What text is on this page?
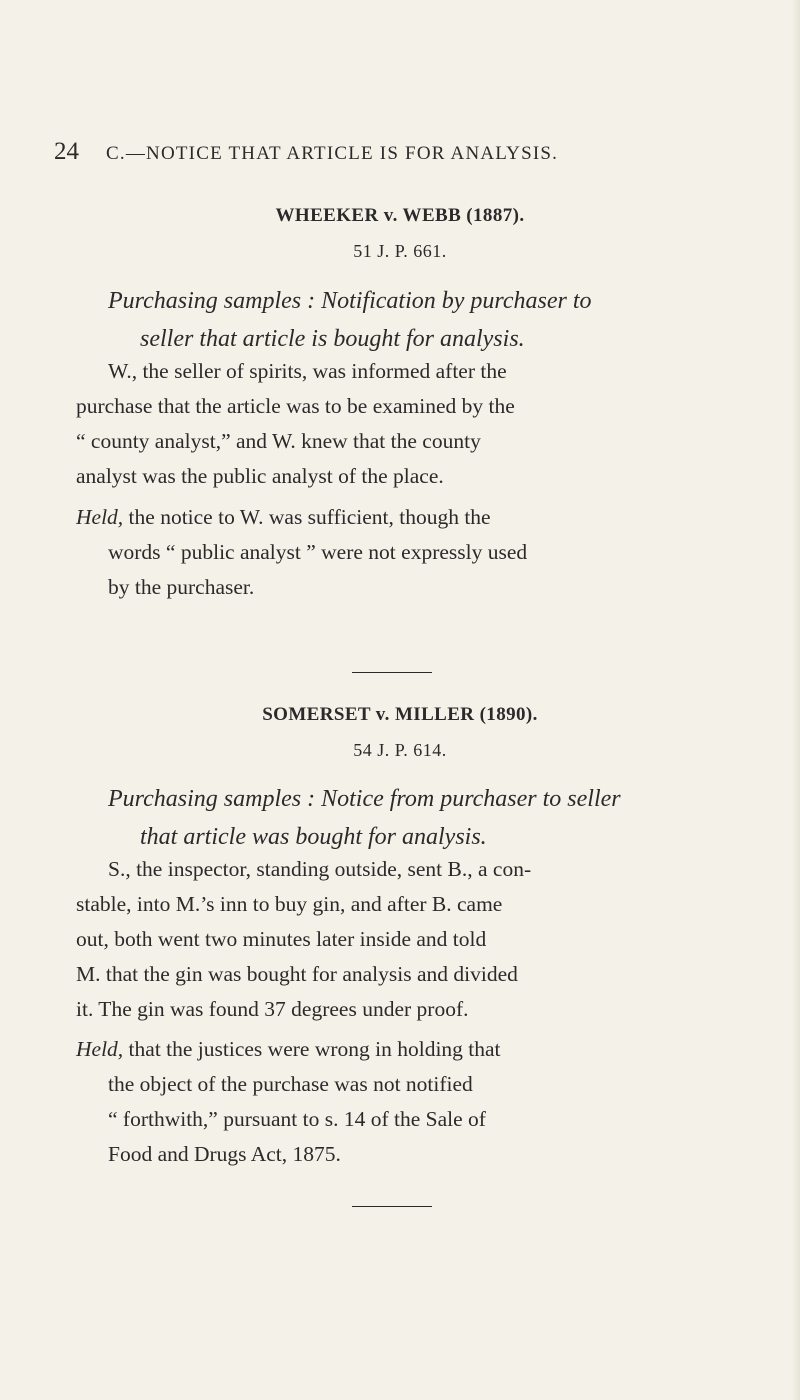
24 C.—NOTICE THAT ARTICLE IS FOR ANALYSIS.
WHEEKER v. WEBB (1887).
51 J. P. 661.
Purchasing samples : Notification by purchaser to
seller that article is bought for analysis.
W., the seller of spirits, was informed after the
purchase that the article was to be examined by the
“ county analyst,” and W. knew that the county
analyst was the public analyst of the place.
Held, the notice to W. was sufficient, though the
words “ public analyst ” were not expressly used
by the purchaser.
SOMERSET v. MILLER (1890).
54 J. P. 614.
Purchasing samples : Notice from purchaser to seller
that article was bought for analysis.
S., the inspector, standing outside, sent B., a con-
stable, into M.’s inn to buy gin, and after B. came
out, both went two minutes later inside and told
M. that the gin was bought for analysis and divided
it. The gin was found 37 degrees under proof.
Held, that the justices were wrong in holding that
the object of the purchase was not notified
“ forthwith,” pursuant to s. 14 of the Sale of
Food and Drugs Act, 1875.
